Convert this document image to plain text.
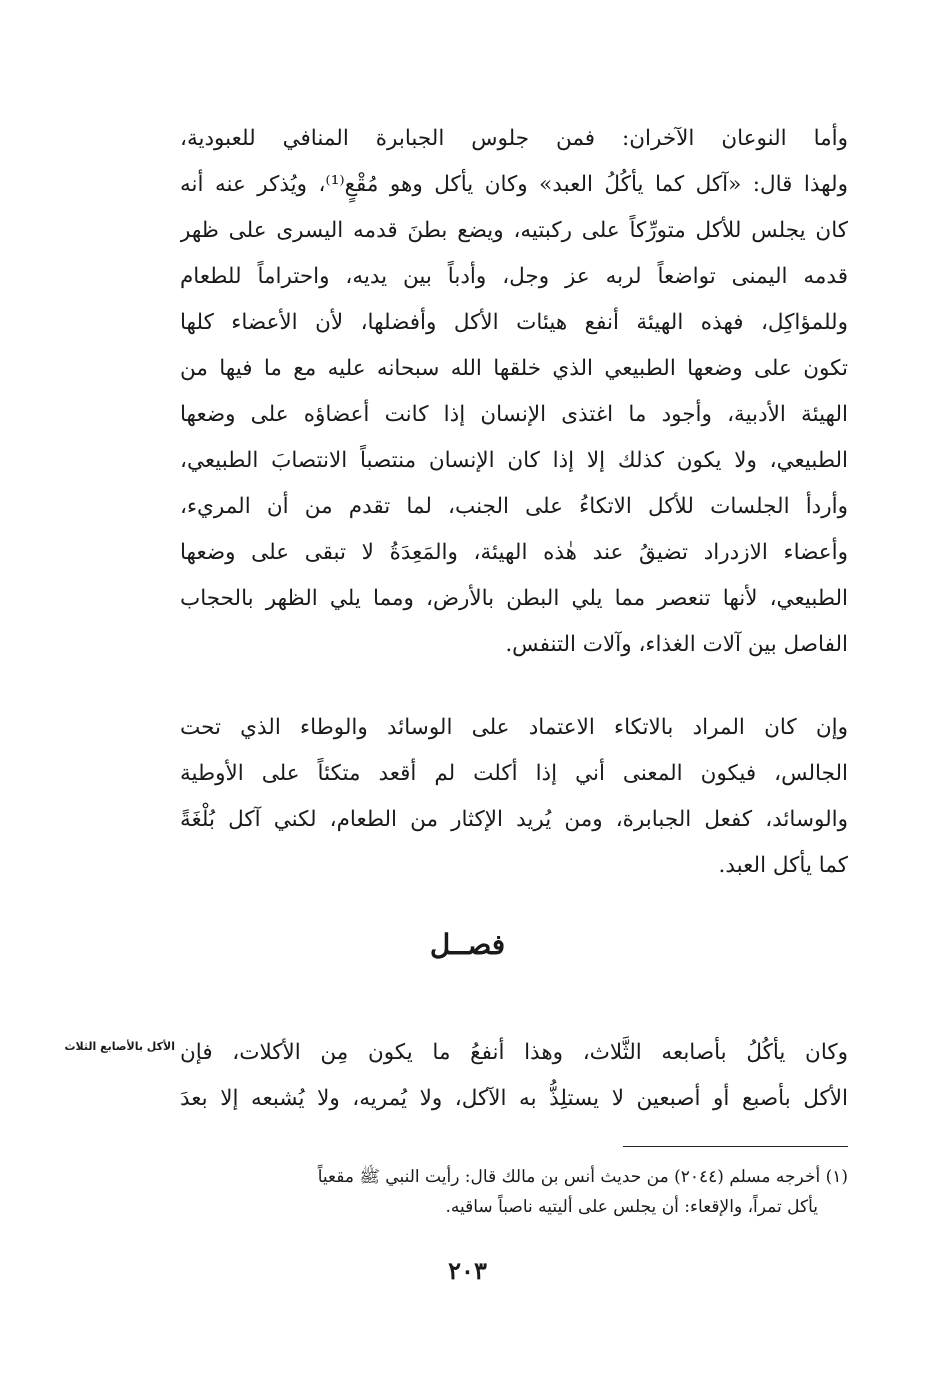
وأما النوعان الآخران: فمن جلوس الجبابرة المنافي للعبودية،
ولهذا قال: «آكل كما يأكُلُ العبد» وكان يأكل وهو مُقْعٍ⁽¹⁾، ويُذكر عنه أنه
كان يجلس للأكل متورِّكاً على ركبتيه، ويضع بطنَ قدمه اليسرى على ظهر
قدمه اليمنى تواضعاً لربه عز وجل، وأدباً بين يديه، واحتراماً للطعام
وللمؤاكِل، فهذه الهيئة أنفع هيئات الأكل وأفضلها، لأن الأعضاء كلها
تكون على وضعها الطبيعي الذي خلقها الله سبحانه عليه مع ما فيها من
الهيئة الأدبية، وأجود ما اغتذى الإنسان إذا كانت أعضاؤه على وضعها
الطبيعي، ولا يكون كذلك إلا إذا كان الإنسان منتصباً الانتصابَ الطبيعي،
وأردأ الجلسات للأكل الاتكاءُ على الجنب، لما تقدم من أن المريء،
وأعضاء الازدراد تضيقُ عند هٰذه الهيئة، والمَعِدَةُ لا تبقى على وضعها
الطبيعي، لأنها تنعصر مما يلي البطن بالأرض، ومما يلي الظهر بالحجاب
الفاصل بين آلات الغذاء، وآلات التنفس.
وإن كان المراد بالاتكاء الاعتماد على الوسائد والوطاء الذي تحت
الجالس، فيكون المعنى أني إذا أكلت لم أقعد متكئاً على الأوطية
والوسائد، كفعل الجبابرة، ومن يُريد الإكثار من الطعام، لكني آكل بُلْغَةً
كما يأكل العبد.
فصــل
الأكل بالأصابع الثلاث وكان يأكُلُ بأصابعه الثَّلاث، وهذا أنفعُ ما يكون مِن الأكلات، فإن
الأكل بأصبع أو أصبعين لا يستلِذُّ به الآكل، ولا يُمريه، ولا يُشبعه إلا بعدَ
(١) أخرجه مسلم (٢٠٤٤) من حديث أنس بن مالك قال: رأيت النبي ﷺ مقعياً
يأكل تمراً، والإقعاء: أن يجلس على أليتيه ناصباً ساقيه.
٢٠٣
